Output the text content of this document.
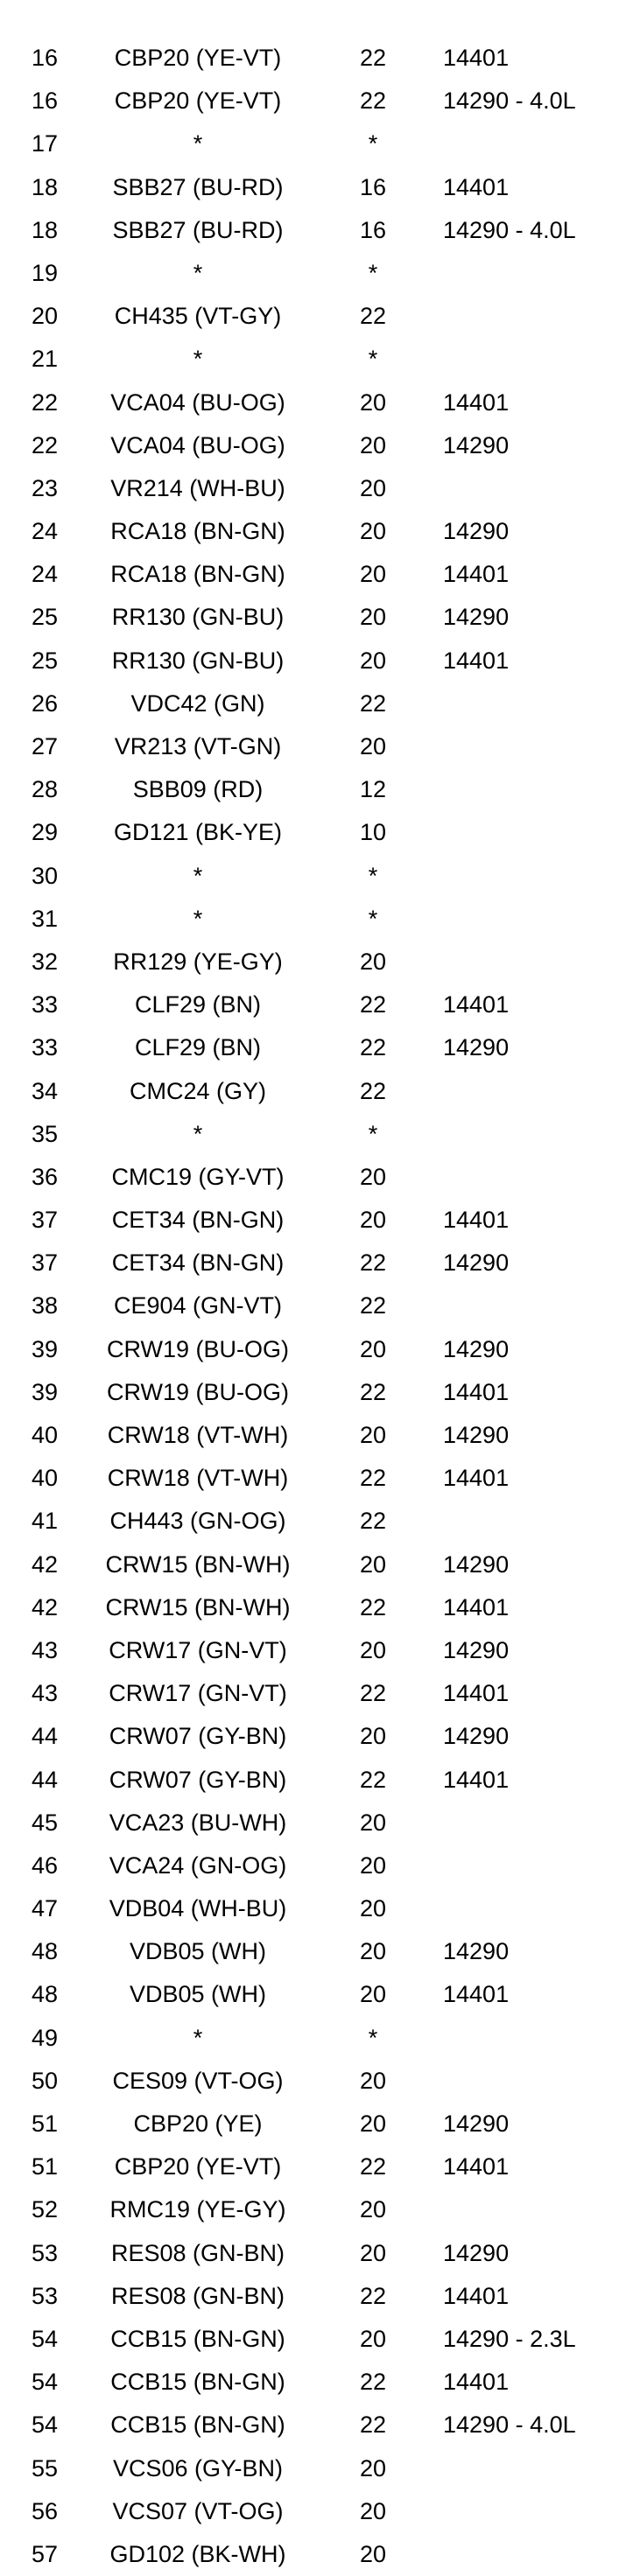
16	CBP20 (YE-VT)	22	14401
16	CBP20 (YE-VT)	22	14290 - 4.0L
17	*	*
18	SBB27 (BU-RD)	16	14401
18	SBB27 (BU-RD)	16	14290 - 4.0L
19	*	*
20	CH435 (VT-GY)	22
21	*	*
22	VCA04 (BU-OG)	20	14401
22	VCA04 (BU-OG)	20	14290
23	VR214 (WH-BU)	20
24	RCA18 (BN-GN)	20	14290
24	RCA18 (BN-GN)	20	14401
25	RR130 (GN-BU)	20	14290
25	RR130 (GN-BU)	20	14401
26	VDC42 (GN)	22
27	VR213 (VT-GN)	20
28	SBB09 (RD)	12
29	GD121 (BK-YE)	10
30	*	*
31	*	*
32	RR129 (YE-GY)	20
33	CLF29 (BN)	22	14401
33	CLF29 (BN)	22	14290
34	CMC24 (GY)	22
35	*	*
36	CMC19 (GY-VT)	20
37	CET34 (BN-GN)	20	14401
37	CET34 (BN-GN)	22	14290
38	CE904 (GN-VT)	22
39	CRW19 (BU-OG)	20	14290
39	CRW19 (BU-OG)	22	14401
40	CRW18 (VT-WH)	20	14290
40	CRW18 (VT-WH)	22	14401
41	CH443 (GN-OG)	22
42	CRW15 (BN-WH)	20	14290
42	CRW15 (BN-WH)	22	14401
43	CRW17 (GN-VT)	20	14290
43	CRW17 (GN-VT)	22	14401
44	CRW07 (GY-BN)	20	14290
44	CRW07 (GY-BN)	22	14401
45	VCA23 (BU-WH)	20
46	VCA24 (GN-OG)	20
47	VDB04 (WH-BU)	20
48	VDB05 (WH)	20	14290
48	VDB05 (WH)	20	14401
49	*	*
50	CES09 (VT-OG)	20
51	CBP20 (YE)	20	14290
51	CBP20 (YE-VT)	22	14401
52	RMC19 (YE-GY)	20
53	RES08 (GN-BN)	20	14290
53	RES08 (GN-BN)	22	14401
54	CCB15 (BN-GN)	20	14290 - 2.3L
54	CCB15 (BN-GN)	22	14401
54	CCB15 (BN-GN)	22	14290 - 4.0L
55	VCS06 (GY-BN)	20
56	VCS07 (VT-OG)	20
57	GD102 (BK-WH)	20
